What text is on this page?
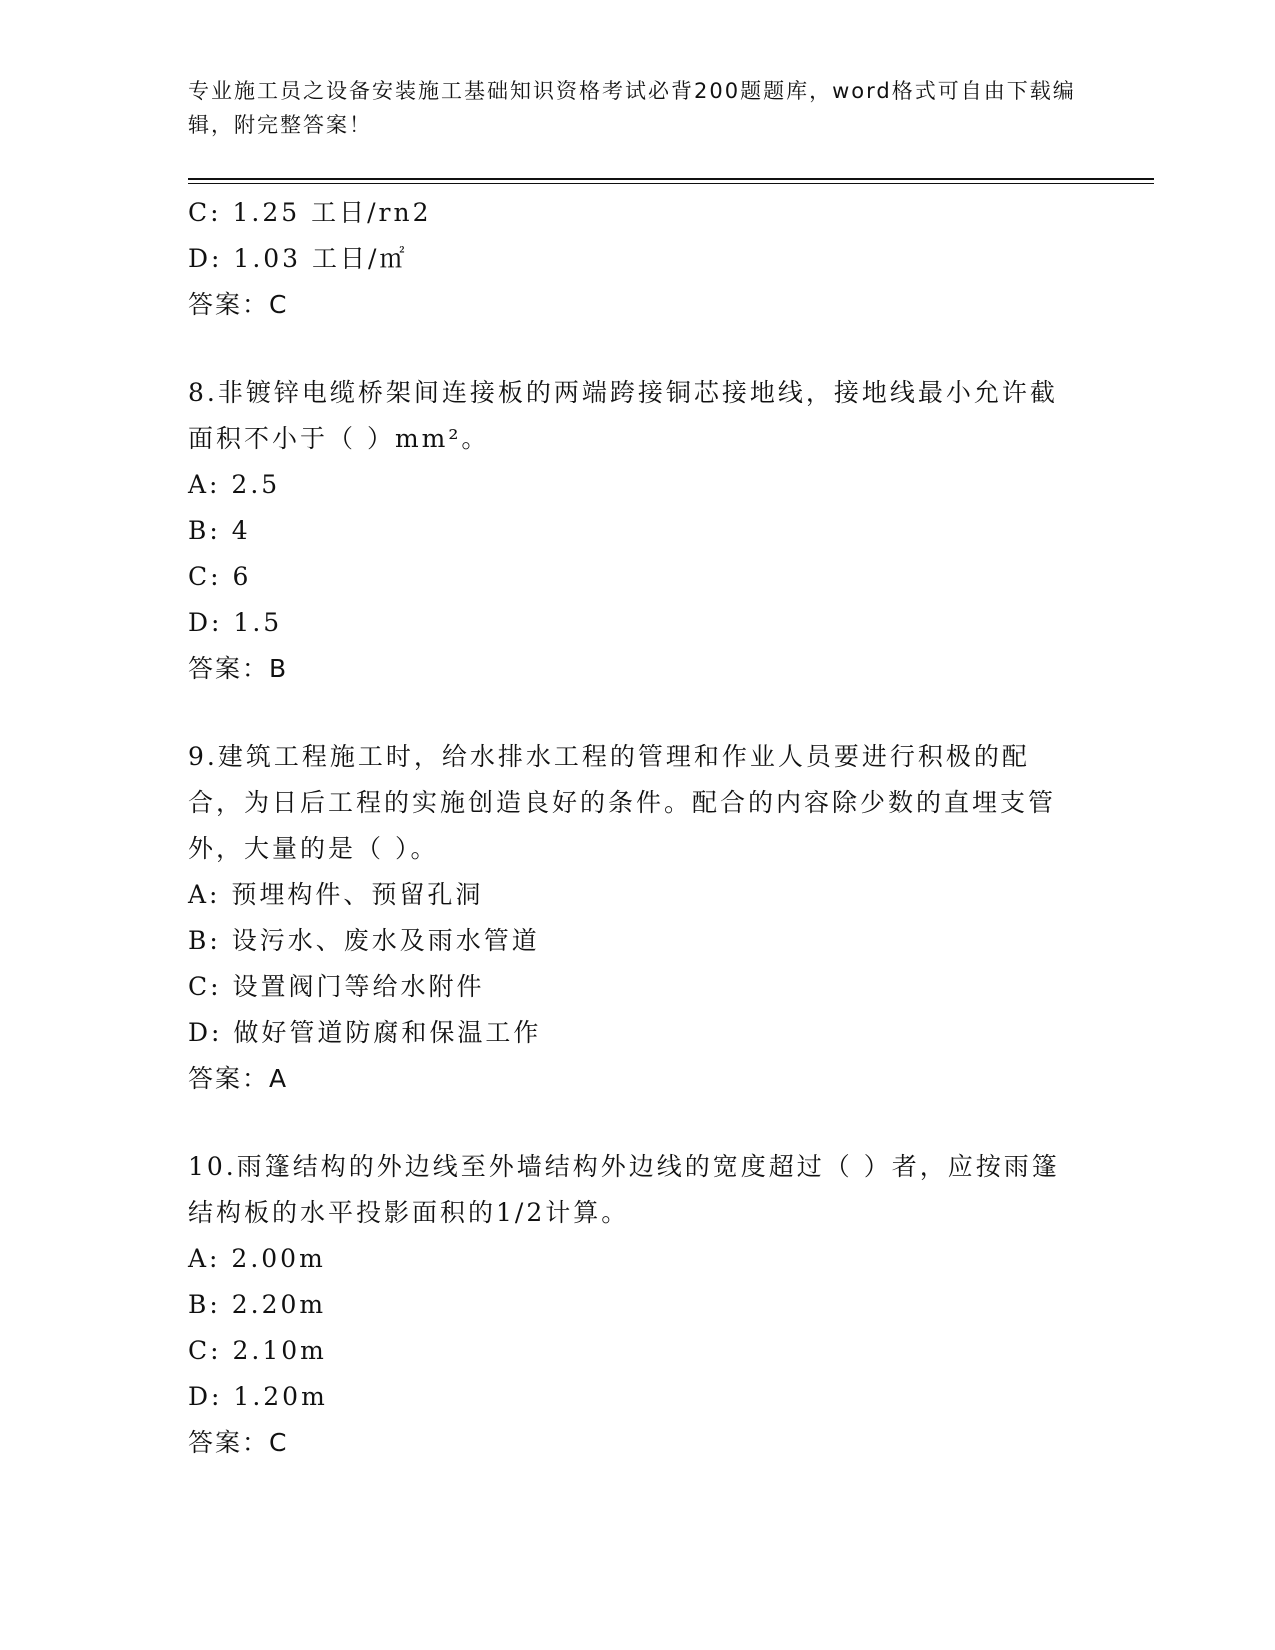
专业施工员之设备安装施工基础知识资格考试必背200题题库，word格式可自由下载编辑，附完整答案！
C: 1.25 工日/rn2
D: 1.03 工日/㎡
答案：C
8.非镀锌电缆桥架间连接板的两端跨接铜芯接地线，接地线最小允许截面积不小于（ ）mm²。
A: 2.5
B: 4
C: 6
D: 1.5
答案：B
9.建筑工程施工时，给水排水工程的管理和作业人员要进行积极的配合，为日后工程的实施创造良好的条件。配合的内容除少数的直埋支管外，大量的是（ ）。
A: 预埋构件、预留孔洞
B: 设污水、废水及雨水管道
C: 设置阀门等给水附件
D: 做好管道防腐和保温工作
答案：A
10.雨篷结构的外边线至外墙结构外边线的宽度超过（ ）者，应按雨篷结构板的水平投影面积的1/2计算。
A: 2.00m
B: 2.20m
C: 2.10m
D: 1.20m
答案：C
